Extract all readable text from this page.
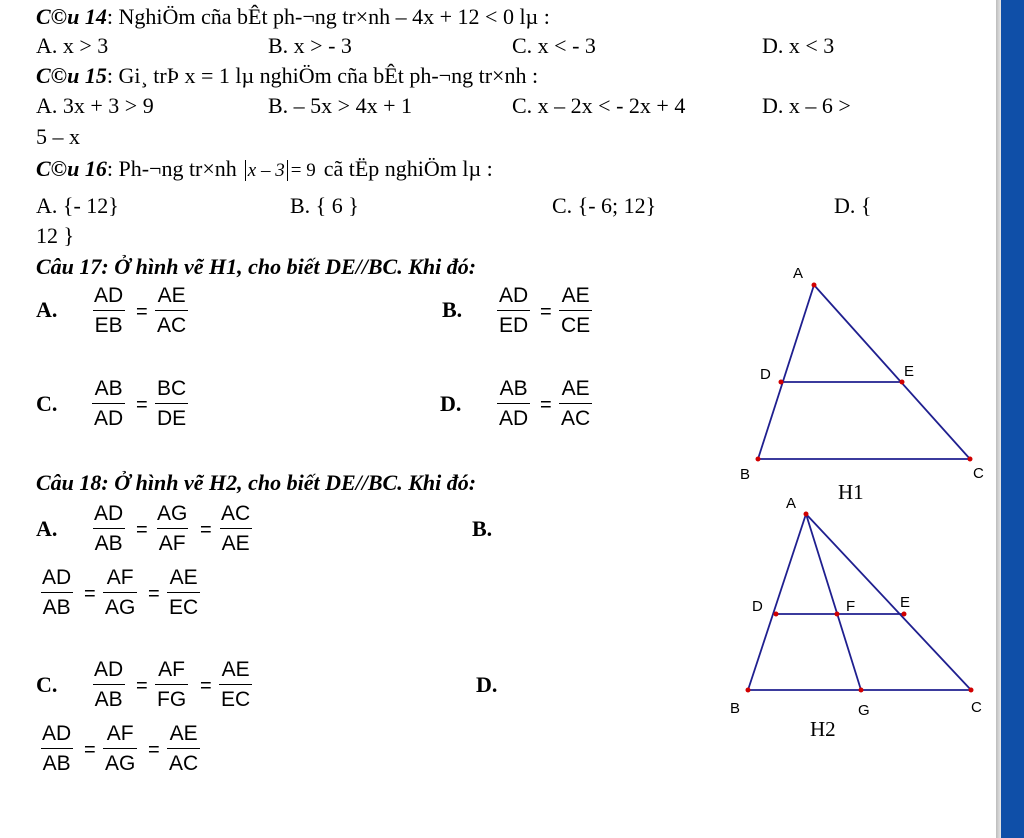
C©u 14: NghiÖm cña bÊt ph-¬ng tr×nh – 4x + 12 < 0 lµ :
A. x > 3	B. x > - 3	C. x < - 3	D. x < 3
C©u 15: Gi¸ trÞ x = 1 lµ nghiÖm cña bÊt ph-¬ng tr×nh :
A. 3x + 3 > 9	B. – 5x > 4x + 1	C. x – 2x < - 2x + 4	D. x – 6 >
5 – x
C©u 16: Ph-¬ng tr×nh x – 3 = 9 cã tËp nghiÖm lµ :
A. {- 12}	B. { 6 }	C. {- 6; 12}	D. {
12 }
Câu 17: Ở hình vẽ H1, cho biết DE//BC. Khi đó:
A. $\frac{AD}{EB} = \frac{AE}{AC}$	B. $\frac{AD}{ED} = \frac{AE}{CE}$
C. $\frac{AB}{AD} = \frac{BC}{DE}$	D. $\frac{AB}{AD} = \frac{AE}{AC}$
Câu 18: Ở hình vẽ H2, cho biết DE//BC. Khi đó:
A. $\frac{AD}{AB} = \frac{AG}{AF} = \frac{AC}{AE}$	B.
$\frac{AD}{AB} = \frac{AF}{AG} = \frac{AE}{EC}$
C. $\frac{AD}{AB} = \frac{AF}{FG} = \frac{AE}{EC}$	D.
$\frac{AD}{AB} = \frac{AF}{AG} = \frac{AE}{AC}$
A
D	E
B	C
H1
A
D	F	E
B	G	C
H2
